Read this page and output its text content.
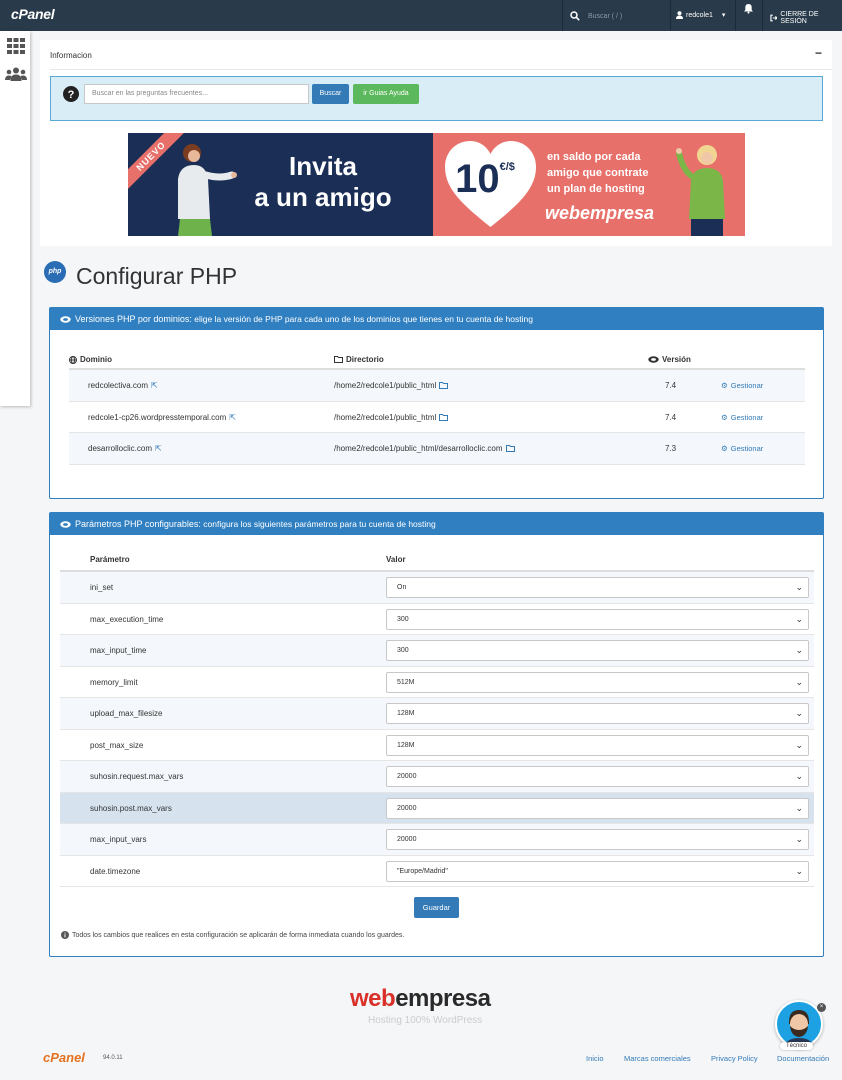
cPanel	Buscar ( / )	redcole1 ▾	CIERRE DE SESIÓN
Informacion	−
?	Buscar en las preguntas frecuentes...	Buscar	ir Guias Ayuda
NUEVO	Invita
a un amigo 10€/$
en saldo por cada
amigo que contrate
un plan de hosting
webempresa
php Configurar PHP
Versiones PHP por dominios: elige la versión de PHP para cada uno de los dominios que tienes en tu cuenta de hosting
Dominio	Directorio	Versión
redcolectiva.com ⇱	/home2/redcole1/public_html	7.4	⚙ Gestionar
redcole1-cp26.wordpresstemporal.com ⇱	/home2/redcole1/public_html	7.4	⚙ Gestionar
desarrolloclic.com ⇱	/home2/redcole1/public_html/desarrolloclic.com	7.3	⚙ Gestionar
Parámetros PHP configurables: configura los siguientes parámetros para tu cuenta de hosting
Parámetro	Valor
ini_set	On	⌄
max_execution_time	300	⌄
max_input_time	300	⌄
memory_limit	512M	⌄
upload_max_filesize	128M	⌄
post_max_size	128M	⌄
suhosin.request.max_vars	20000	⌄
suhosin.post.max_vars	20000	⌄
max_input_vars	20000	⌄
date.timezone	"Europe/Madrid"	⌄
Guardar
Todos los cambios que realices en esta configuración se aplicarán de forma inmediata cuando los guardes.
webempresa
Hosting 100% WordPress
cPanel	94.0.11	Inicio	Marcas comerciales	Privacy Policy	Documentación
Técnico
×
